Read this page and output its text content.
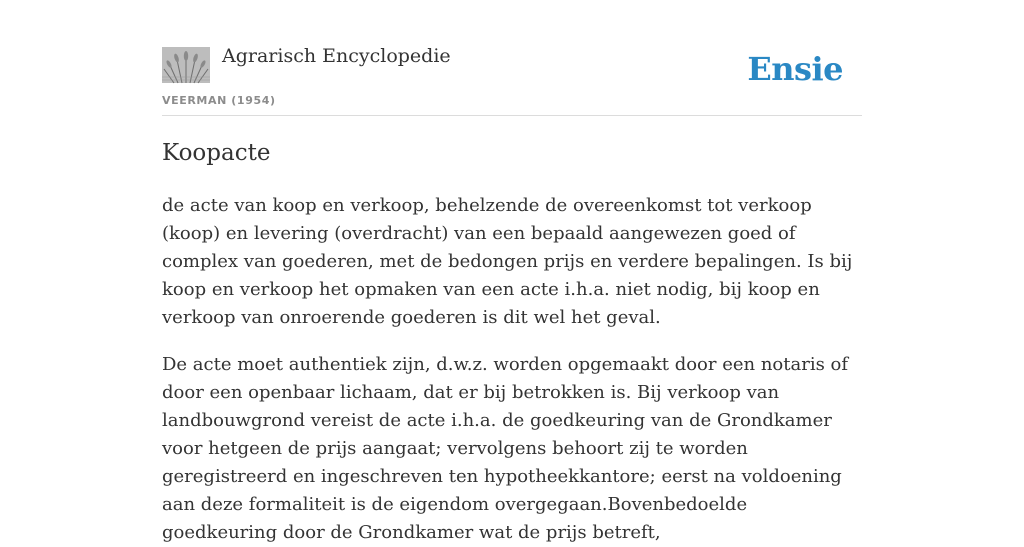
Agrarisch Encyclopedie
VEERMAN (1954)
Ensie
Koopacte

de acte van koop en verkoop, behelzende de overeenkomst tot verkoop (koop) en levering (overdracht) van een bepaald aangewezen goed of complex van goederen, met de bedongen prijs en verdere bepalingen. Is bij koop en verkoop het opmaken van een acte i.h.a. niet nodig, bij koop en verkoop van onroerende goederen is dit wel het geval.

De acte moet authentiek zijn, d.w.z. worden opgemaakt door een notaris of door een openbaar lichaam, dat er bij betrokken is. Bij verkoop van landbouwgrond vereist de acte i.h.a. de goedkeuring van de Grondkamer voor hetgeen de prijs aangaat; vervolgens behoort zij te worden geregistreerd en ingeschreven ten hypotheekkantore; eerst na voldoening aan deze formaliteit is de eigendom overgegaan.Bovenbedoelde goedkeuring door de Grondkamer wat de prijs betreft,
